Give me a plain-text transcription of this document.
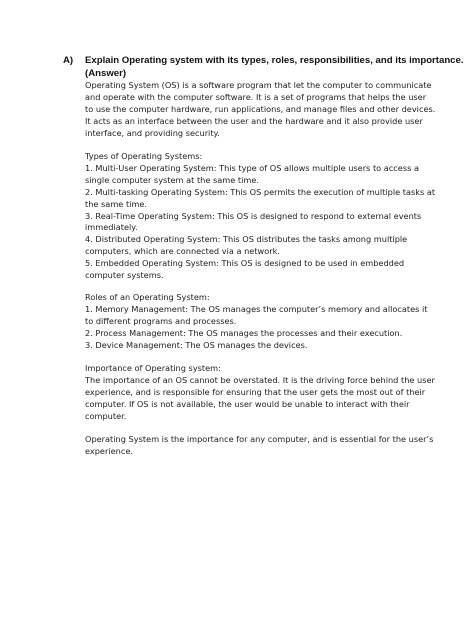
A) Explain Operating system with its types, roles, responsibilities, and its importance.
(Answer)
Operating System (OS) is a software program that let the computer to communicate
and operate with the computer software. It is a set of programs that helps the user
to use the computer hardware, run applications, and manage files and other devices.
It acts as an interface between the user and the hardware and it also provide user
interface, and providing security.
Types of Operating Systems:
1. Multi-User Operating System: This type of OS allows multiple users to access a
single computer system at the same time.
2. Multi-tasking Operating System: This OS permits the execution of multiple tasks at
the same time.
3. Real-Time Operating System: This OS is designed to respond to external events
immediately.
4. Distributed Operating System: This OS distributes the tasks among multiple
computers, which are connected via a network.
5. Embedded Operating System: This OS is designed to be used in embedded
computer systems.
Roles of an Operating System:
1. Memory Management: The OS manages the computer’s memory and allocates it
to different programs and processes.
2. Process Management: The OS manages the processes and their execution.
3. Device Management: The OS manages the devices.
Importance of Operating system:
The importance of an OS cannot be overstated. It is the driving force behind the user
experience, and is responsible for ensuring that the user gets the most out of their
computer. If OS is not available, the user would be unable to interact with their
computer.
Operating System is the importance for any computer, and is essential for the user’s
experience.
